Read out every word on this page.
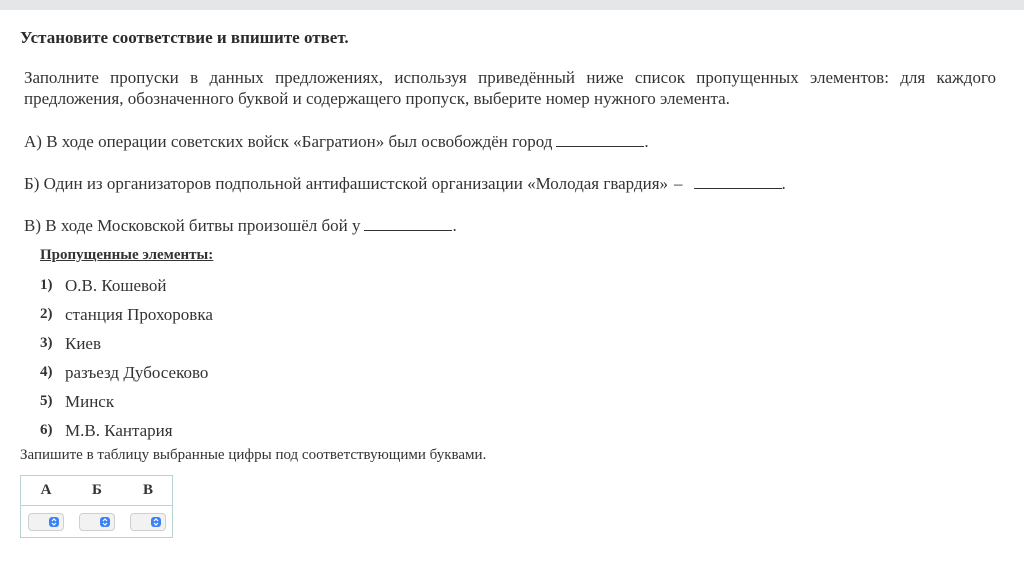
Установите соответствие и впишите ответ.
Заполните пропуски в данных предложениях, используя приведённый ниже список пропущенных элементов: для каждого предложения, обозначенного буквой и содержащего пропуск, выберите номер нужного элемента.
А) В ходе операции советских войск «Багратион» был освобождён город	.
Б) Один из организаторов подпольной антифашистской организации «Молодая гвардия» –	.
В) В ходе Московской битвы произошёл бой у	.
Пропущенные элементы:
1) О.В. Кошевой
2) станция Прохоровка
3) Киев
4) разъезд Дубосеково
5) Минск
6) М.В. Кантария
Запишите в таблицу выбранные цифры под соответствующими буквами.
А	Б	В
